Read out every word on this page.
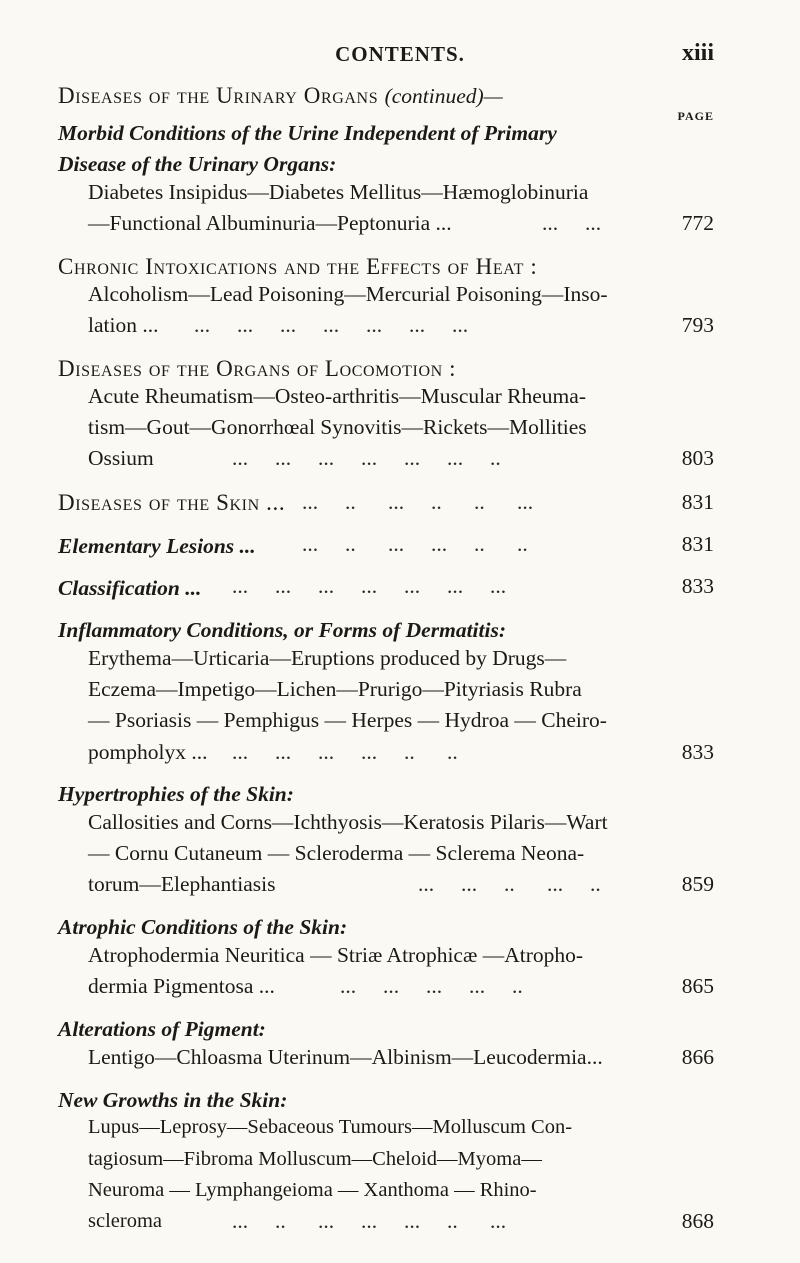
CONTENTS.	xiii
Diseases of the Urinary Organs (continued)—
PAGE
Morbid Conditions of the Urine Independent of Primary
Disease of the Urinary Organs:
Diabetes Insipidus—Diabetes Mellitus—Hæmoglobinuria
—Functional Albuminuria—Peptonuria ...	...     ...	772
Chronic Intoxications and the Effects of Heat :
Alcoholism—Lead Poisoning—Mercurial Poisoning—Inso-
lation ... ...     ...     ...     ...     ...     ...     ...	793
Diseases of the Organs of Locomotion :
Acute Rheumatism—Osteo-arthritis—Muscular Rheuma-
tism—Gout—Gonorrhœal Synovitis—Rickets—Mollities
Ossium	...     ...     ...     ...     ...     ...     ..	803
Diseases of the Skin ... ...     ..      ...     ..      ..      ...	831
Elementary Lesions ... ...     ..      ...     ...     ..      ..	831
Classification ... ...     ...     ...     ...     ...     ...     ...	833
Inflammatory Conditions, or Forms of Dermatitis:
Erythema—Urticaria—Eruptions produced by Drugs—
Eczema—Impetigo—Lichen—Prurigo—Pityriasis Rubra
— Psoriasis — Pemphigus — Herpes — Hydroa — Cheiro-
pompholyx ... ...     ...     ...     ...     ..      ..	833
Hypertrophies of the Skin:
Callosities and Corns—Ichthyosis—Keratosis Pilaris—Wart
— Cornu Cutaneum — Scleroderma — Sclerema Neona-
torum—Elephantiasis	...     ...     ..      ...     ..	859
Atrophic Conditions of the Skin:
Atrophodermia Neuritica — Striæ Atrophicæ —Atropho-
dermia Pigmentosa ...	...     ...     ...     ...     ..	865
Alterations of Pigment:
Lentigo—Chloasma Uterinum—Albinism—Leucodermia...	866
New Growths in the Skin:
Lupus—Leprosy—Sebaceous Tumours—Molluscum Con-
tagiosum—Fibroma Molluscum—Cheloid—Myoma—
Neuroma — Lymphangeioma — Xanthoma — Rhino-
scleroma	...     ..      ...     ...     ...     ..      ...	868
